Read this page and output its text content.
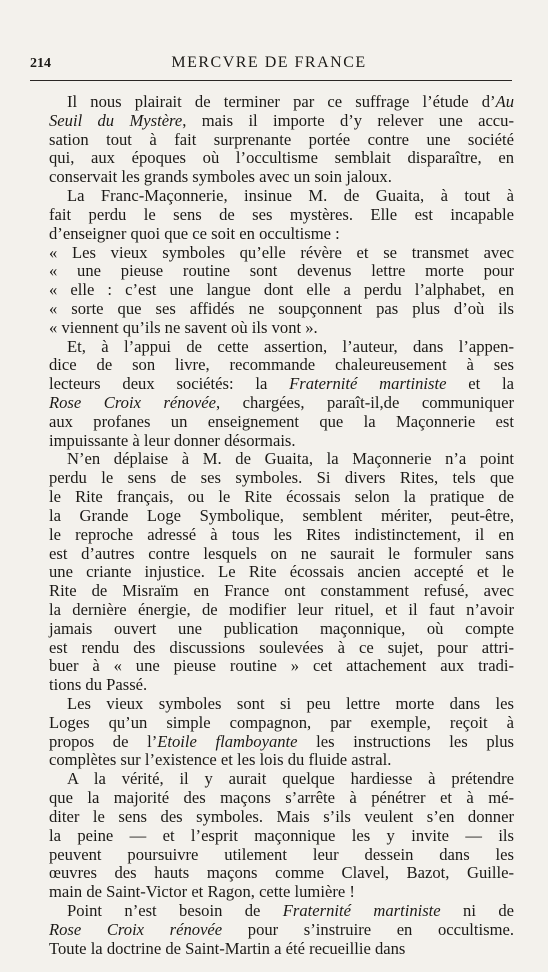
214	MERCVRE DE FRANCE

Il nous plairait de terminer par ce suffrage l’étude d’Au
Seuil du Mystère, mais il importe d’y relever une accu-
sation tout à fait surprenante portée contre une société
qui, aux époques où l’occultisme semblait disparaître, en
conservait les grands symboles avec un soin jaloux.

La Franc-Maçonnerie, insinue M. de Guaita, à tout à
fait perdu le sens de ses mystères. Elle est incapable
d’enseigner quoi que ce soit en occultisme :

« Les vieux symboles qu’elle révère et se transmet avec
« une pieuse routine sont devenus lettre morte pour
« elle : c’est une langue dont elle a perdu l’alphabet, en
« sorte que ses affidés ne soupçonnent pas plus d’où ils
« viennent qu’ils ne savent où ils vont ».

Et, à l’appui de cette assertion, l’auteur, dans l’appen-
dice de son livre, recommande chaleureusement à ses
lecteurs deux sociétés: la Fraternité martiniste et la
Rose Croix rénovée, chargées, paraît-il,de communiquer
aux profanes un enseignement que la Maçonnerie est
impuissante à leur donner désormais.

N’en déplaise à M. de Guaita, la Maçonnerie n’a point
perdu le sens de ses symboles. Si divers Rites, tels que
le Rite français, ou le Rite écossais selon la pratique de
la Grande Loge Symbolique, semblent mériter, peut-être,
le reproche adressé à tous les Rites indistinctement, il en
est d’autres contre lesquels on ne saurait le formuler sans
une criante injustice. Le Rite écossais ancien accepté et le
Rite de Misraïm en France ont constamment refusé, avec
la dernière énergie, de modifier leur rituel, et il faut n’avoir
jamais ouvert une publication maçonnique, où compte
est rendu des discussions soulevées à ce sujet, pour attri-
buer à « une pieuse routine » cet attachement aux tradi-
tions du Passé.

Les vieux symboles sont si peu lettre morte dans les
Loges qu’un simple compagnon, par exemple, reçoit à
propos de l’Etoile flamboyante les instructions les plus
complètes sur l’existence et les lois du fluide astral.

A la vérité, il y aurait quelque hardiesse à prétendre
que la majorité des maçons s’arrête à pénétrer et à mé-
diter le sens des symboles. Mais s’ils veulent s’en donner
la peine — et l’esprit maçonnique les y invite — ils
peuvent poursuivre utilement leur dessein dans les
œuvres des hauts maçons comme Clavel, Bazot, Guille-
main de Saint-Victor et Ragon, cette lumière !

Point n’est besoin de Fraternité martiniste ni de
Rose Croix rénovée pour s’instruire en occultisme.
Toute la doctrine de Saint-Martin a été recueillie dans
